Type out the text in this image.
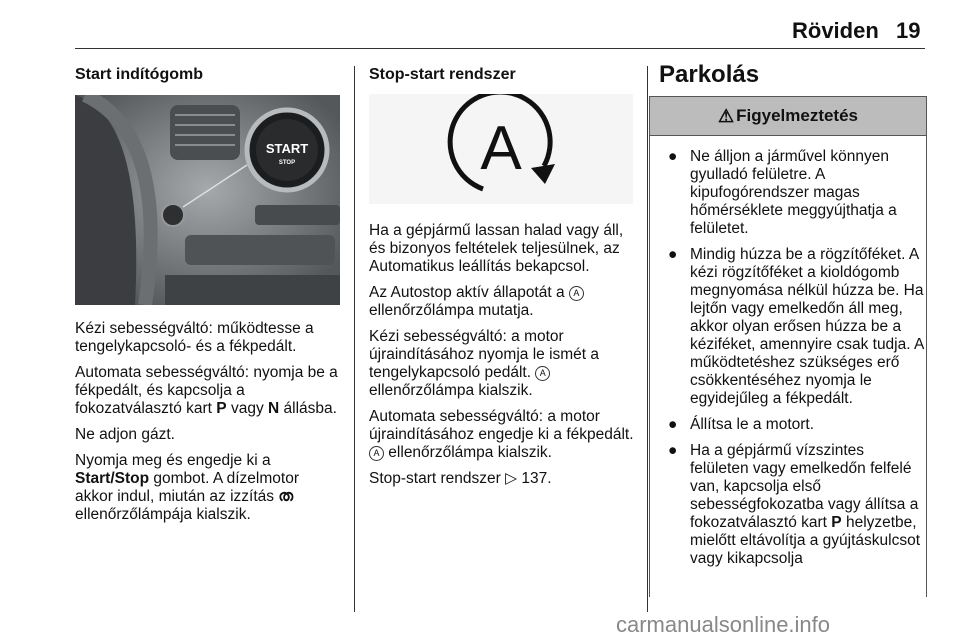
Röviden 19
Start indítógomb
START
STOP

Kézi sebességváltó: működtesse a tengelykapcsoló- és a fékpedált.

Automata sebességváltó: nyomja be a fékpedált, és kapcsolja a fokozatválasztó kart P vagy N állásba.

Ne adjon gázt.

Nyomja meg és engedje ki a Start/Stop gombot. A dízelmotor akkor indul, miután az izzítás ത ellenőrzőlámpája kialszik.

Stop-start rendszer
A

Ha a gépjármű lassan halad vagy áll, és bizonyos feltételek teljesülnek, az Automatikus leállítás bekapcsol.

Az Autostop aktív állapotát a A ellenőrzőlámpa mutatja.

Kézi sebességváltó: a motor újraindításához nyomja le ismét a tengelykapcsoló pedált. A ellenőrzőlámpa kialszik.

Automata sebességváltó: a motor újraindításához engedje ki a fékpedált. A ellenőrzőlámpa kialszik.

Stop-start rendszer ▷ 137.

Parkolás
⚠ Figyelmeztetés
● Ne álljon a járművel könnyen gyulladó felületre. A kipufogórendszer magas hőmérséklete meggyújthatja a felületet.
● Mindig húzza be a rögzítőféket. A kézi rögzítőféket a kioldógomb megnyomása nélkül húzza be. Ha lejtőn vagy emelkedőn áll meg, akkor olyan erősen húzza be a kéziféket, amennyire csak tudja. A működtetéshez szükséges erő csökkentéséhez nyomja le egyidejűleg a fékpedált.
● Állítsa le a motort.
● Ha a gépjármű vízszintes felületen vagy emelkedőn felfelé van, kapcsolja első sebességfokozatba vagy állítsa a fokozatválasztó kart P helyzetbe, mielőtt eltávolítja a gyújtáskulcsot vagy kikapcsolja
carmanualsonline.info
